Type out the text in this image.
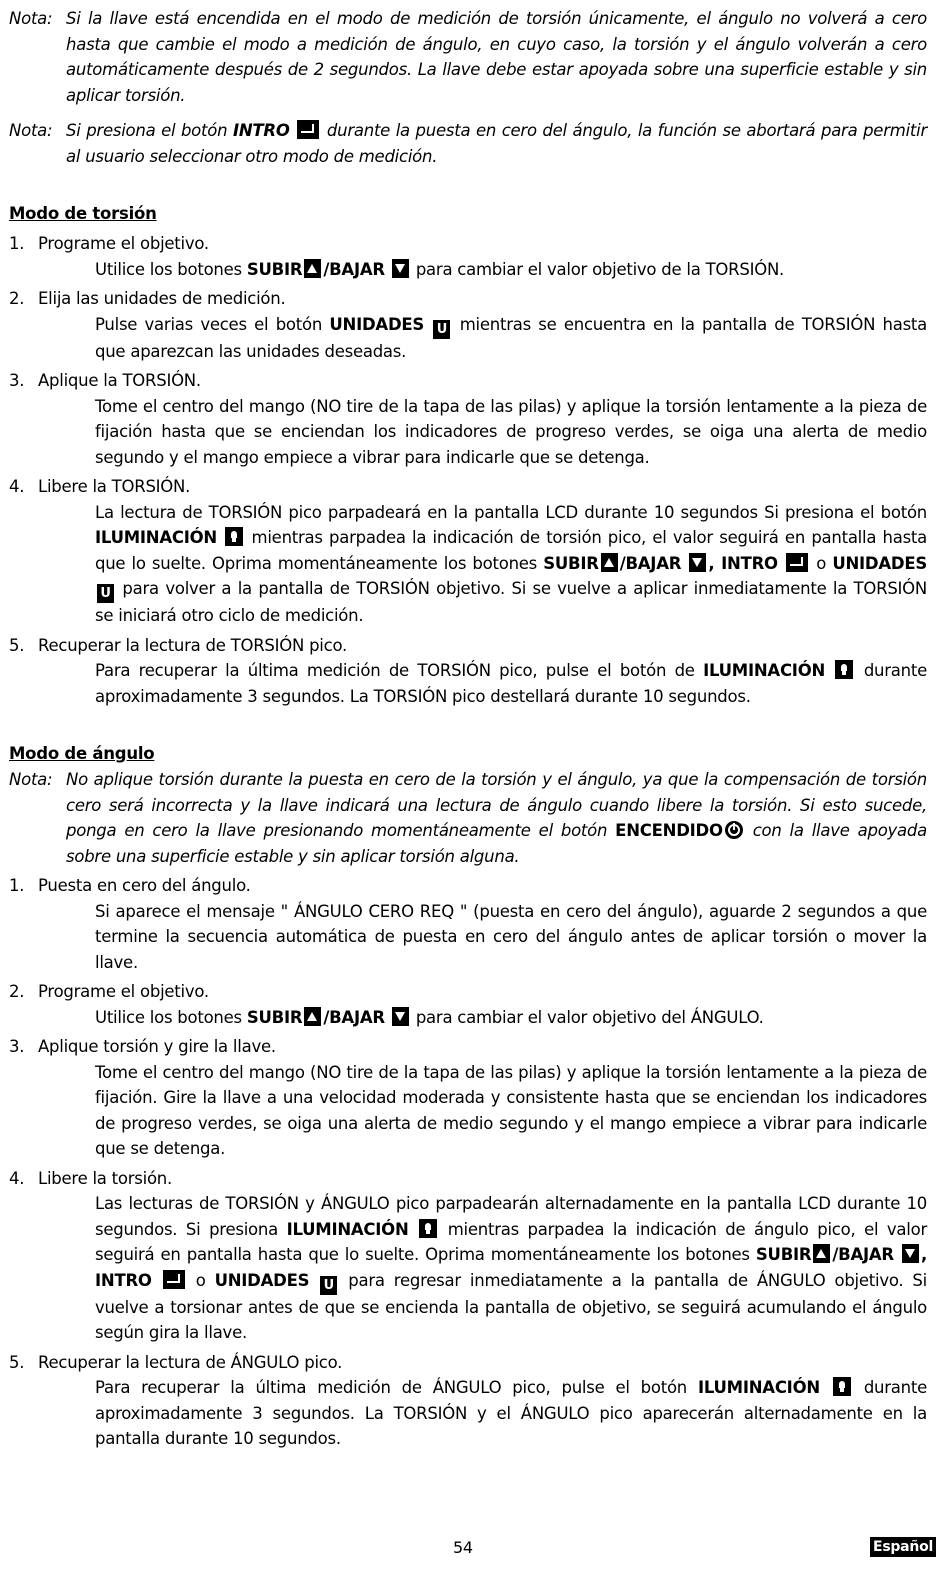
Nota: Si la llave está encendida en el modo de medición de torsión únicamente, el ángulo no volverá a cero hasta que cambie el modo a medición de ángulo, en cuyo caso, la torsión y el ángulo volverán a cero automáticamente después de 2 segundos. La llave debe estar apoyada sobre una superficie estable y sin aplicar torsión.
Nota: Si presiona el botón INTRO  durante la puesta en cero del ángulo, la función se abortará para permitir al usuario seleccionar otro modo de medición.
Modo de torsión
1. Programe el objetivo.
Utilice los botones SUBIR /BAJAR  para cambiar el valor objetivo de la TORSIÓN.
2. Elija las unidades de medición.
Pulse varias veces el botón UNIDADES U mientras se encuentra en la pantalla de TORSIÓN hasta que aparezcan las unidades deseadas.
3. Aplique la TORSIÓN.
Tome el centro del mango (NO tire de la tapa de las pilas) y aplique la torsión lentamente a la pieza de fijación hasta que se enciendan los indicadores de progreso verdes, se oiga una alerta de medio segundo y el mango empiece a vibrar para indicarle que se detenga.
4. Libere la TORSIÓN.
La lectura de TORSIÓN pico parpadeará en la pantalla LCD durante 10 segundos Si presiona el botón ILUMINACIÓN  mientras parpadea la indicación de torsión pico, el valor seguirá en pantalla hasta que lo suelte. Oprima momentáneamente los botones SUBIR /BAJAR , INTRO  o UNIDADES U para volver a la pantalla de TORSIÓN objetivo. Si se vuelve a aplicar inmediatamente la TORSIÓN se iniciará otro ciclo de medición.
5. Recuperar la lectura de TORSIÓN pico.
Para recuperar la última medición de TORSIÓN pico, pulse el botón de ILUMINACIÓN  durante aproximadamente 3 segundos. La TORSIÓN pico destellará durante 10 segundos.
Modo de ángulo
Nota: No aplique torsión durante la puesta en cero de la torsión y el ángulo, ya que la compensación de torsión cero será incorrecta y la llave indicará una lectura de ángulo cuando libere la torsión. Si esto sucede, ponga en cero la llave presionando momentáneamente el botón ENCENDIDO con la llave apoyada sobre una superficie estable y sin aplicar torsión alguna.
1. Puesta en cero del ángulo.
Si aparece el mensaje " ÁNGULO CERO REQ " (puesta en cero del ángulo), aguarde 2 segundos a que termine la secuencia automática de puesta en cero del ángulo antes de aplicar torsión o mover la llave.
2. Programe el objetivo.
Utilice los botones SUBIR /BAJAR  para cambiar el valor objetivo del ÁNGULO.
3. Aplique torsión y gire la llave.
Tome el centro del mango (NO tire de la tapa de las pilas) y aplique la torsión lentamente a la pieza de fijación. Gire la llave a una velocidad moderada y consistente hasta que se enciendan los indicadores de progreso verdes, se oiga una alerta de medio segundo y el mango empiece a vibrar para indicarle que se detenga.
4. Libere la torsión.
Las lecturas de TORSIÓN y ÁNGULO pico parpadearán alternadamente en la pantalla LCD durante 10 segundos. Si presiona ILUMINACIÓN  mientras parpadea la indicación de ángulo pico, el valor seguirá en pantalla hasta que lo suelte. Oprima momentáneamente los botones SUBIR /BAJAR , INTRO  o UNIDADES U para regresar inmediatamente a la pantalla de ÁNGULO objetivo. Si vuelve a torsionar antes de que se encienda la pantalla de objetivo, se seguirá acumulando el ángulo según gira la llave.
5. Recuperar la lectura de ÁNGULO pico.
Para recuperar la última medición de ÁNGULO pico, pulse el botón ILUMINACIÓN  durante aproximadamente 3 segundos. La TORSIÓN y el ÁNGULO pico aparecerán alternadamente en la pantalla durante 10 segundos.
54	Español
